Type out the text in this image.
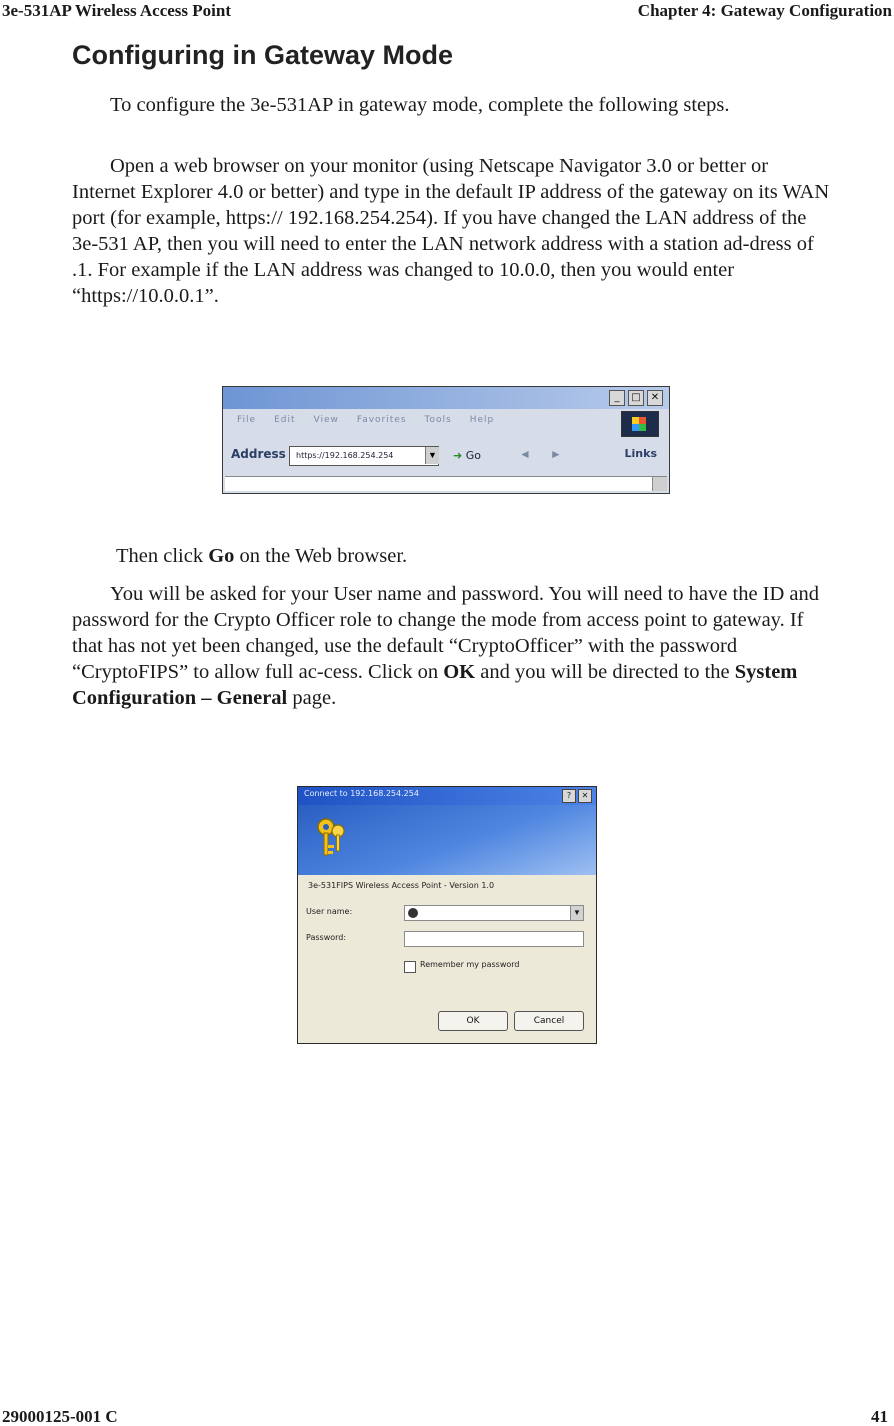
3e-531AP Wireless Access Point	Chapter 4: Gateway Configuration
Configuring in Gateway Mode

To configure the 3e-531AP in gateway mode, complete the following steps.

Open a web browser on your monitor (using Netscape Navigator 3.0 or better or Internet Explorer 4.0 or better) and type in the default IP address of the gateway on its WAN port (for example, https:// 192.168.254.254). If you have changed the LAN address of the 3e-531 AP, then you will need to enter the LAN network address with a station ad-dress of .1. For example if the LAN address was changed to 10.0.0, then you would enter “https://10.0.0.1”.

_	□	✕
File Edit View Favorites Tools Help
Address	https://192.168.254.254	▼ ➜ Go	◄ ►	Links

Then click Go on the Web browser.

You will be asked for your User name and password. You will need to have the ID and password for the Crypto Officer role to change the mode from access point to gateway. If that has not yet been changed, use the default “CryptoOfficer” with the password “CryptoFIPS” to allow full ac-cess. Click on OK and you will be directed to the System Configuration – General page.

Connect to 192.168.254.254	?	✕
3e-531FIPS Wireless Access Point - Version 1.0
User name:	▼
Password:
Remember my password
OK	Cancel
29000125-001 C	41
